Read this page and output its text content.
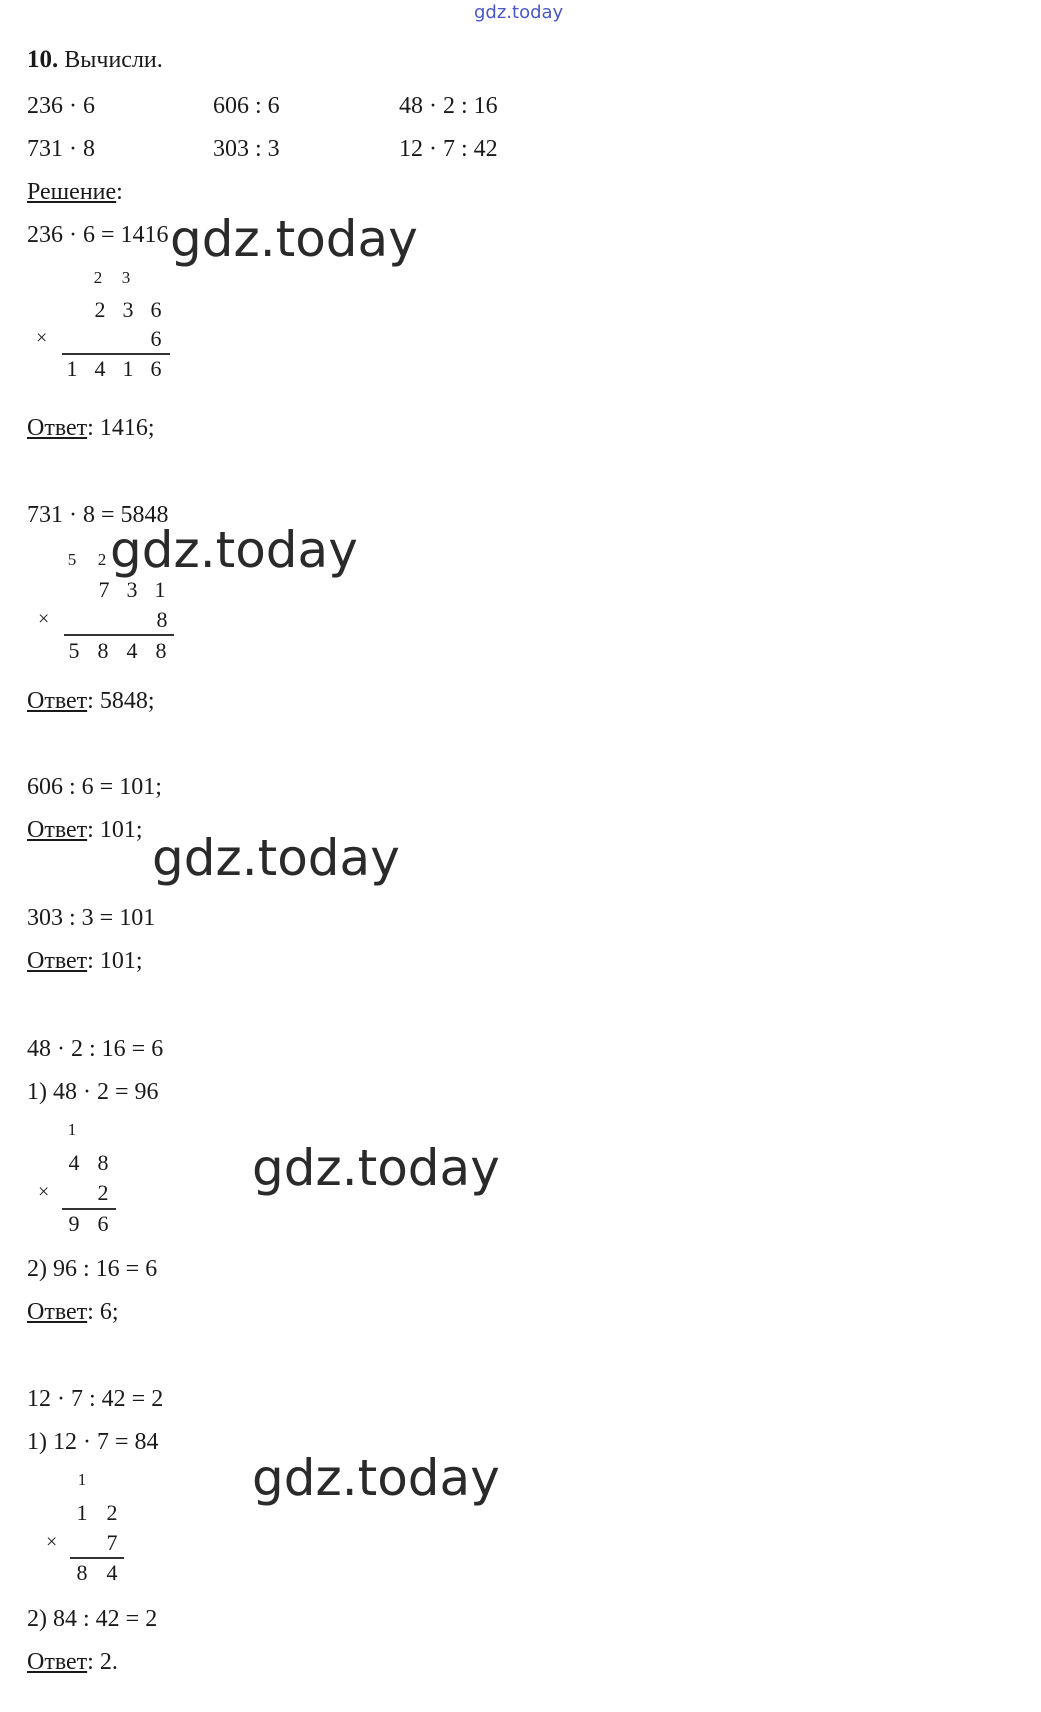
gdz.today
10. Вычисли.
236 · 6	606 : 6	48 · 2 : 16
731 · 8	303 : 3	12 · 7 : 42
Решение:
236 · 6 = 1416 gdz.today
2	3
2 3 6
×	6
1 4 1 6
Ответ: 1416;
731 · 8 = 5848
gdz.today
5	2
7 3 1
×	8
5 8 4 8
Ответ: 5848;
606 : 6 = 101;
Ответ: 101; gdz.today
303 : 3 = 101
Ответ: 101;
48 · 2 : 16 = 6
1) 48 · 2 = 96
1
4 8
×	2
9 6
gdz.today
2) 96 : 16 = 6
Ответ: 6;
12 · 7 : 42 = 2
1) 12 · 7 = 84
1
1 2
×	7
8 4
gdz.today
2) 84 : 42 = 2
Ответ: 2.
